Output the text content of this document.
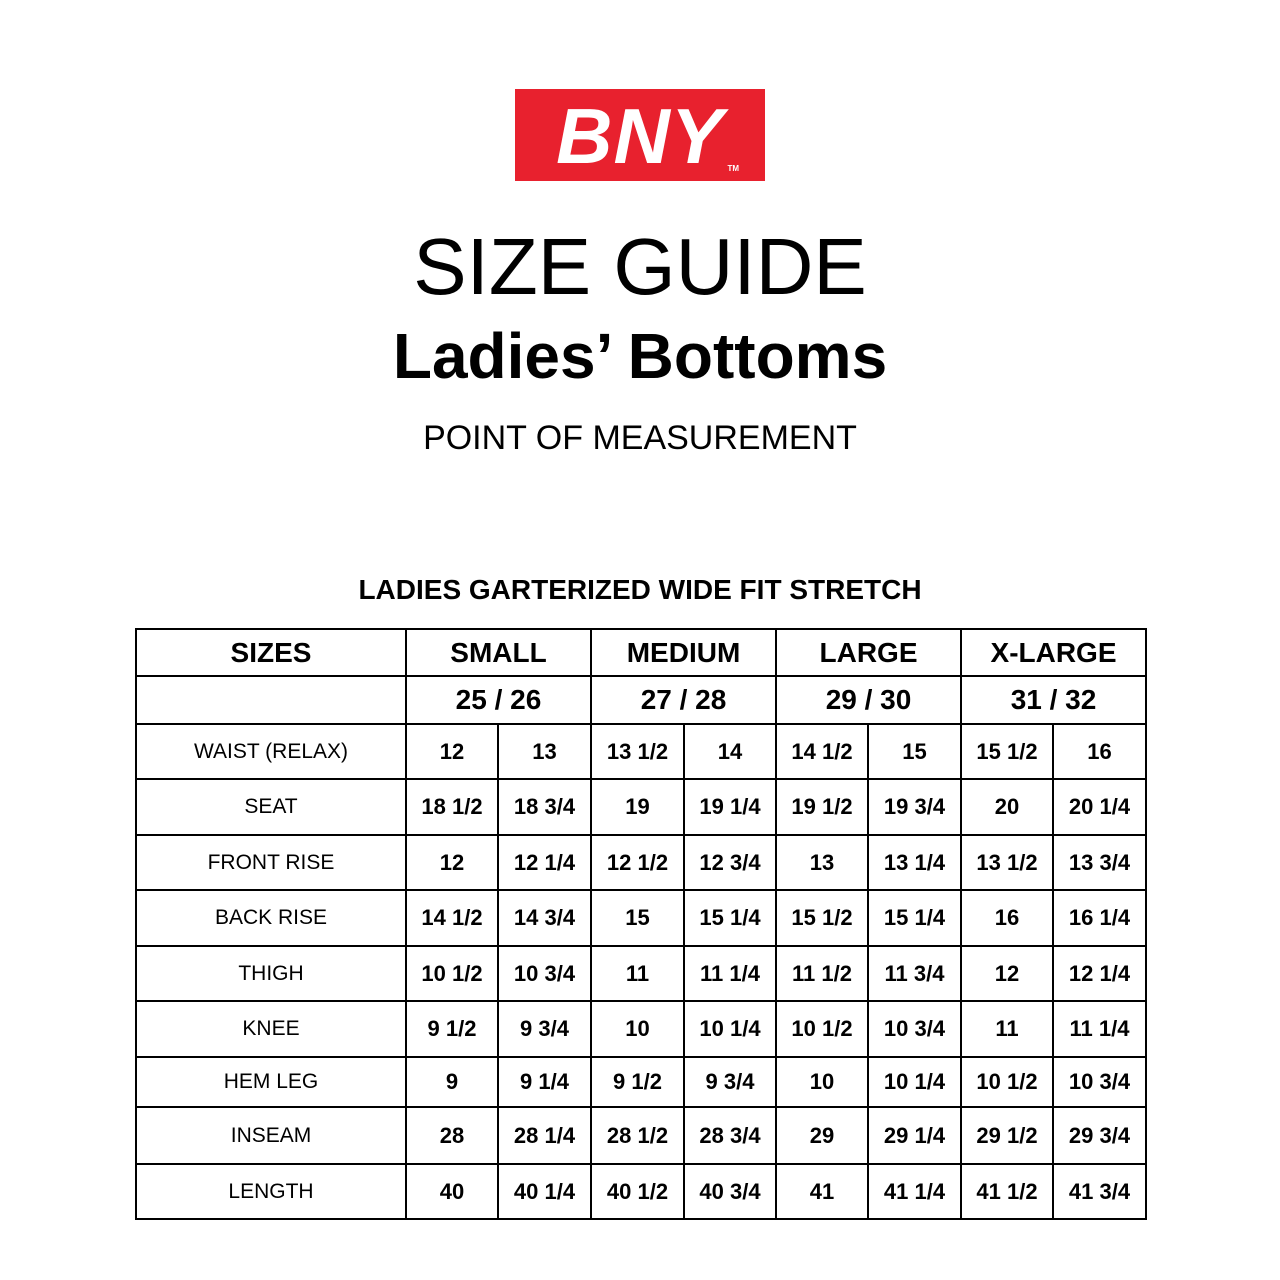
BNY TM
SIZE GUIDE
Ladies’ Bottoms
POINT OF MEASUREMENT
LADIES GARTERIZED WIDE FIT STRETCH
SIZES	SMALL		MEDIUM		LARGE		X-LARGE	
	25 / 26		27 / 28		29 / 30		31 / 32	
WAIST (RELAX)	12	13	13 1/2	14	14 1/2	15	15 1/2	16
SEAT	18 1/2	18 3/4	19	19 1/4	19 1/2	19 3/4	20	20 1/4
FRONT RISE	12	12 1/4	12 1/2	12 3/4	13	13 1/4	13 1/2	13 3/4
BACK RISE	14 1/2	14 3/4	15	15 1/4	15 1/2	15 1/4	16	16 1/4
THIGH	10 1/2	10 3/4	11	11 1/4	11 1/2	11 3/4	12	12 1/4
KNEE	9 1/2	9 3/4	10	10 1/4	10 1/2	10 3/4	11	11 1/4
HEM LEG	9	9 1/4	9 1/2	9 3/4	10	10 1/4	10 1/2	10 3/4
INSEAM	28	28 1/4	28 1/2	28 3/4	29	29 1/4	29 1/2	29 3/4
LENGTH	40	40 1/4	40 1/2	40 3/4	41	41 1/4	41 1/2	41 3/4
